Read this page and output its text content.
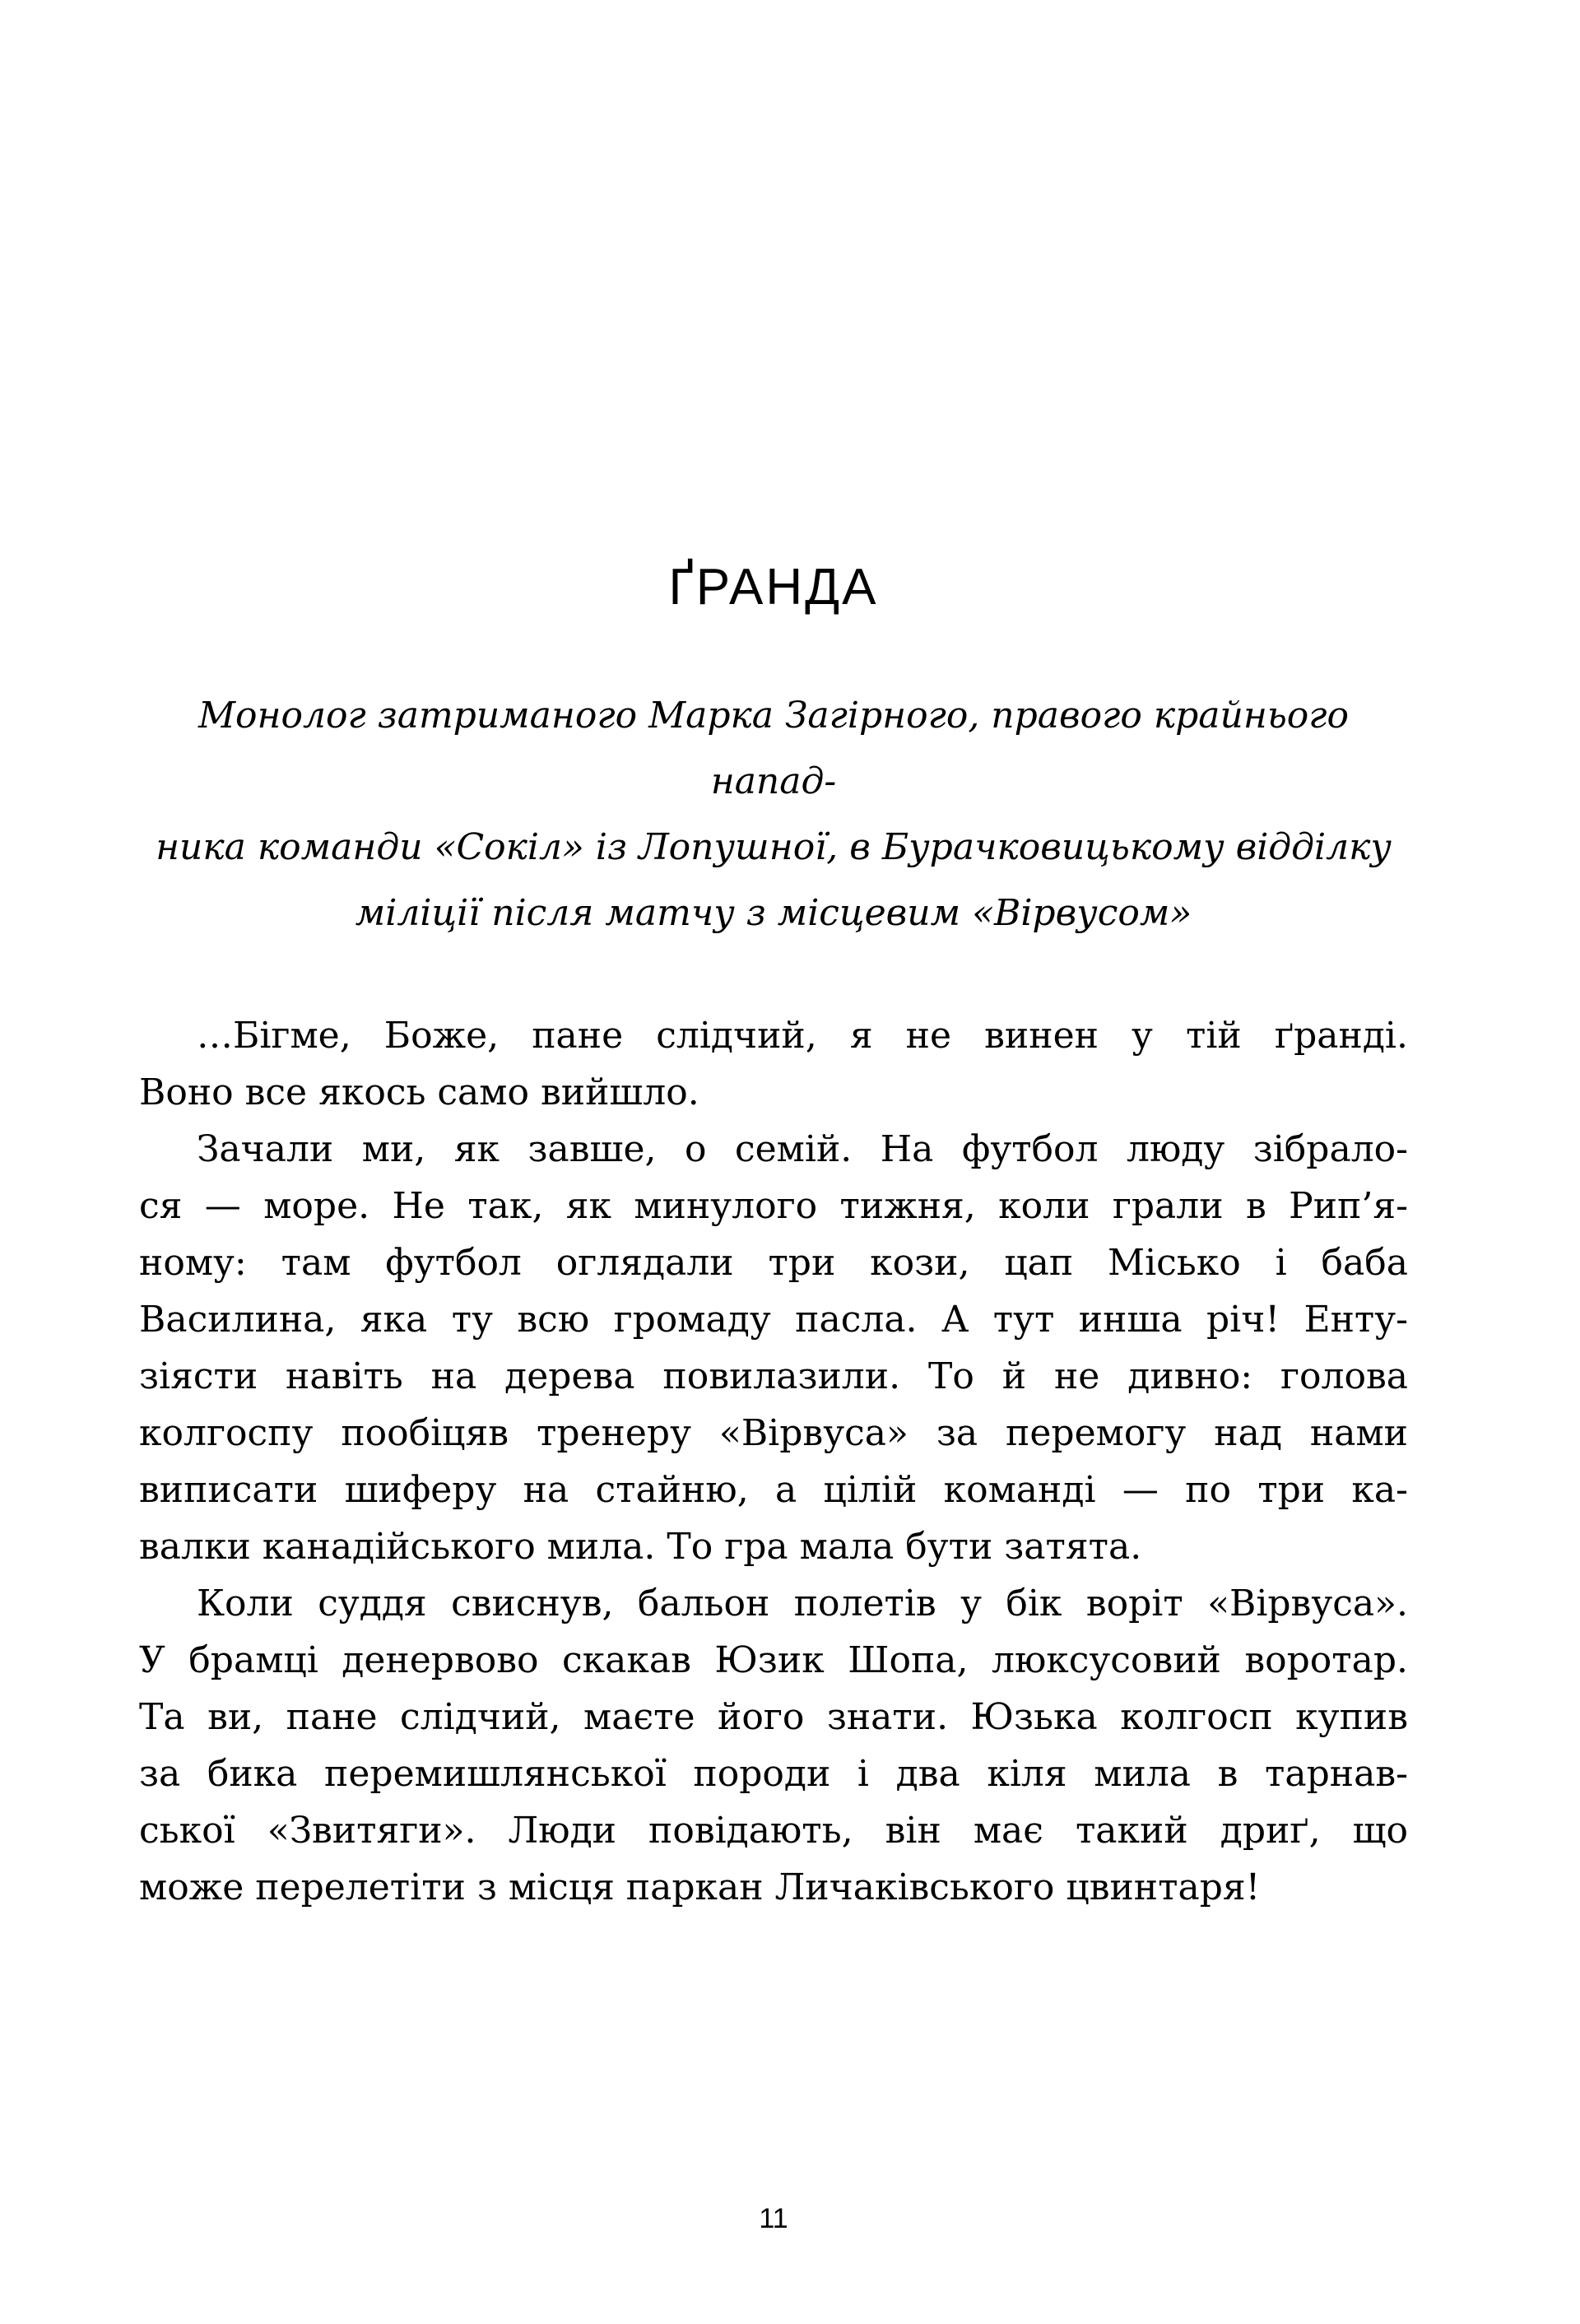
ҐРАНДА
Монолог затриманого Марка Загірного, правого крайнього напад-
ника команди «Сокіл» із Лопушної, в Бурачковицькому відділку
міліції після матчу з місцевим «Вірвусом»
…Бігме, Боже, пане слідчий, я не винен у тій ґранді.
Воно все якось само вийшло.
Зачали ми, як завше, о семій. На футбол люду зібрало-
ся — море. Не так, як минулого тижня, коли грали в Рип’я-
ному: там футбол оглядали три кози, цап Місько і баба
Василина, яка ту всю громаду пасла. А тут инша річ! Енту-
зіясти навіть на дерева повилазили. То й не дивно: голова
колгоспу пообіцяв тренеру «Вірвуса» за перемогу над нами
виписати шиферу на стайню, а цілій команді — по три ка-
валки канадійського мила. То гра мала бути затята.
Коли суддя свиснув, бальон полетів у бік воріт «Вірвуса».
У брамці денервово скакав Юзик Шопа, люксусовий воротар.
Та ви, пане слідчий, маєте його знати. Юзька колгосп купив
за бика перемишлянської породи і два кіля мила в тарнав-
ської «Звитяги». Люди повідають, він має такий дриґ, що
може перелетіти з місця паркан Личаківського цвинтаря!
11
